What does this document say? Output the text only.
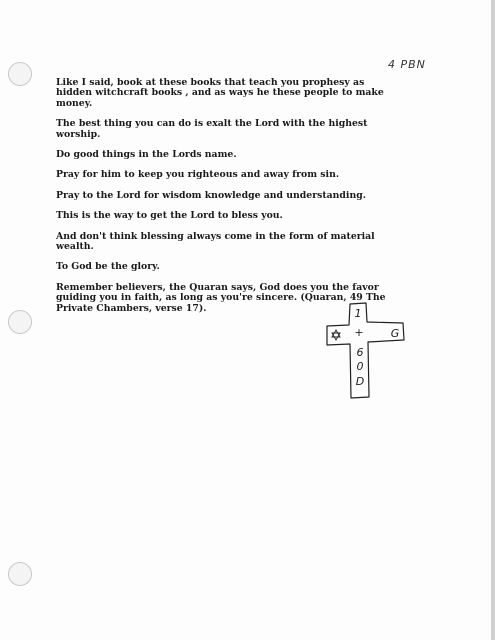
4 PBN

Like I said, book at these books that teach you prophesy as hidden witchcraft books , and as ways he these people to make money.

The best thing you can do is exalt the Lord with the highest worship.

Do good things in the Lords name.

Pray for him to keep you righteous and away from sin.

Pray to the Lord for wisdom knowledge and understanding.

This is the way to get the Lord to bless you.

And don't think blessing always come in the form of material wealth.

To God be the glory.

Remember believers, the Quaran says, God does you the favor guiding you in faith, as long as you're sincere. (Quaran, 49 The Private Chambers, verse 17).	1
+ G
6
0
D
